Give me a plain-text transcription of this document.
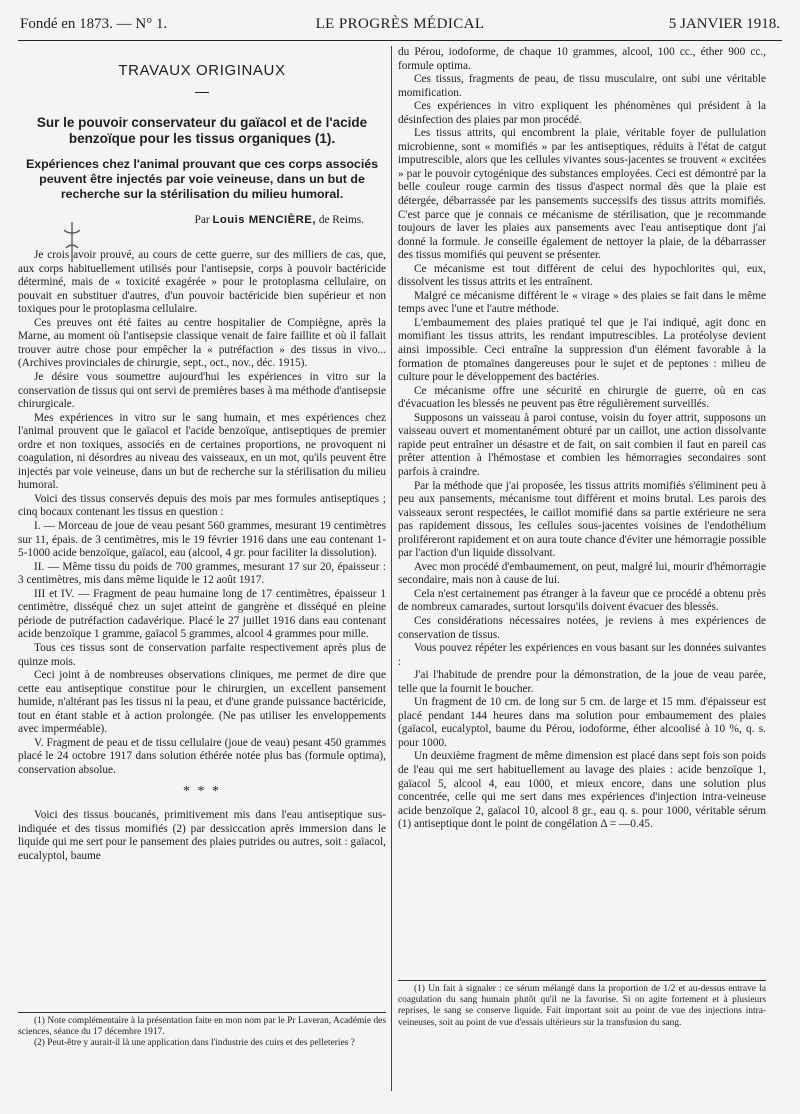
Fondé en 1873. — N° 1.	LE PROGRÈS MÉDICAL	5 JANVIER 1918.
TRAVAUX ORIGINAUX
Sur le pouvoir conservateur du gaïacol et de l'acide benzoïque pour les tissus organiques (1).
Expériences chez l'animal prouvant que ces corps associés peuvent être injectés par voie veineuse, dans un but de recherche sur la stérilisation du milieu humoral.
Par Louis MENCIÈRE, de Reims.

Je crois avoir prouvé, au cours de cette guerre, sur des milliers de cas, que, aux corps habituellement utilisés pour l'antisepsie, corps à pouvoir bactéricide déterminé, mais de « toxicité exagérée » pour le protoplasma cellulaire, on pouvait en substituer d'autres, d'un pouvoir bactéricide bien supérieur et non toxiques pour le protoplasma cellulaire.

Ces preuves ont été faites au centre hospitalier de Compiègne, après la Marne, au moment où l'antisepsie classique venait de faire faillite et où il fallait trouver autre chose pour empêcher la « putréfaction » des tissus in vivo... (Archives provinciales de chirurgie, sept., oct., nov., déc. 1915).

Je désire vous soumettre aujourd'hui les expériences in vitro sur la conservation de tissus qui ont servi de premières bases à ma méthode d'antisepsie chirurgicale.

Mes expériences in vitro sur le sang humain, et mes expériences chez l'animal prouvent que le gaïacol et l'acide benzoïque, antiseptiques de premier ordre et non toxiques, associés en de certaines proportions, ne provoquent ni coagulation, ni désordres au niveau des vaisseaux, en un mot, qu'ils peuvent être injectés par voie veineuse, dans un but de recherche sur la stérilisation du milieu humoral.

Voici des tissus conservés depuis des mois par mes formules antiseptiques ; cinq bocaux contenant les tissus en question :

I. — Morceau de joue de veau pesant 560 grammes, mesurant 19 centimètres sur 11, épais. de 3 centimètres, mis le 19 février 1916 dans une eau contenant 1-5-1000 acide benzoïque, gaïacol, eau (alcool, 4 gr. pour faciliter la dissolution).

II. — Même tissu du poids de 700 grammes, mesurant 17 sur 20, épaisseur : 3 centimètres, mis dans même liquide le 12 août 1917.

III et IV. — Fragment de peau humaine long de 17 centimètres, épaisseur 1 centimètre, disséqué chez un sujet atteint de gangrène et disséqué en pleine période de putréfaction cadavérique. Placé le 27 juillet 1916 dans eau contenant acide benzoïque 1 gramme, gaïacol 5 grammes, alcool 4 grammes pour mille.

Tous ces tissus sont de conservation parfaite respectivement après plus de quinze mois.

Ceci joint à de nombreuses observations cliniques, me permet de dire que cette eau antiseptique constitue pour le chirurgien, un excellent pansement humide, n'altérant pas les tissus ni la peau, et d'une grande puissance bactéricide, tout en étant stable et à action prolongée. (Ne pas utiliser les enveloppements avec imperméable).

V. Fragment de peau et de tissu cellulaire (joue de veau) pesant 450 grammes placé le 24 octobre 1917 dans solution éthérée notée plus bas (formule optima), conservation absolue.

* * *

Voici des tissus boucanés, primitivement mis dans l'eau antiseptique sus-indiquée et des tissus momifiés (2) par dessiccation après immersion dans le liquide qui me sert pour le pansement des plaies putrides ou autres, soit : gaïacol, eucalyptol, baume

(1) Note complémentaire à la présentation faite en mon nom par le Pr Laveran, Académie des sciences, séance du 17 décembre 1917.

(2) Peut-être y aurait-il là une application dans l'industrie des cuirs et des pelleteries ?

du Pérou, iodoforme, de chaque 10 grammes, alcool, 100 cc., éther 900 cc., formule optima.

Ces tissus, fragments de peau, de tissu musculaire, ont subi une véritable momification.

Ces expériences in vitro expliquent les phénomènes qui président à la désinfection des plaies par mon procédé.

Les tissus attrits, qui encombrent la plaie, véritable foyer de pullulation microbienne, sont « momifiés » par les antiseptiques, réduits à l'état de catgut imputrescible, alors que les cellules vivantes sous-jacentes se trouvent « excitées » par le pouvoir cytogénique des substances employées. Ceci est démontré par la belle couleur rouge carmin des tissus d'aspect normal dès que la plaie est détergée, débarrassée par les pansements successifs des tissus attrits momifiés. C'est parce que je connais ce mécanisme de stérilisation, que je recommande toujours de laver les plaies aux pansements avec l'eau antiseptique dont j'ai donné la formule. Je conseille également de nettoyer la plaie, de la débarrasser des tissus momifiés qui peuvent se présenter.

Ce mécanisme est tout différent de celui des hypochlorites qui, eux, dissolvent les tissus attrits et les entraînent.

Malgré ce mécanisme différent le « virage » des plaies se fait dans le même temps avec l'une et l'autre méthode.

L'embaumement des plaies pratiqué tel que je l'ai indiqué, agit donc en momifiant les tissus attrits, les rendant imputrescibles. La protéolyse devient ainsi impossible. Ceci entraîne la suppression d'un élément favorable à la formation de ptomaïnes dangereuses pour le sujet et de peptones : milieu de culture pour le développement des bactéries.

Ce mécanisme offre une sécurité en chirurgie de guerre, où en cas d'évacuation les blessés ne peuvent pas être régulièrement surveillés.

Supposons un vaisseau à paroi contuse, voisin du foyer attrit, supposons un vaisseau ouvert et momentanément obturé par un caillot, une action dissolvante rapide peut entraîner un désastre et de fait, on sait combien il faut en pareil cas prêter attention à l'hémostase et combien les hémorragies secondaires sont parfois à craindre.

Par la méthode que j'ai proposée, les tissus attrits momifiés s'éliminent peu à peu aux pansements, mécanisme tout différent et moins brutal. Les parois des vaisseaux seront respectées, le caillot momifié dans sa partie extérieure ne sera pas rapidement dissous, les cellules sous-jacentes voisines de l'endothélium proliféreront rapidement et on aura toute chance d'éviter une hémorragie possible par l'action d'un liquide dissolvant.

Avec mon procédé d'embaumement, on peut, malgré lui, mourir d'hémorragie secondaire, mais non à cause de lui.

Cela n'est certainement pas étranger à la faveur que ce procédé a obtenu près de nombreux camarades, surtout lorsqu'ils doivent évacuer des blessés.

Ces considérations nécessaires notées, je reviens à mes expériences de conservation de tissus.

Vous pouvez répéter les expériences en vous basant sur les données suivantes :

J'ai l'habitude de prendre pour la démonstration, de la joue de veau parée, telle que la fournit le boucher.

Un fragment de 10 cm. de long sur 5 cm. de large et 15 mm. d'épaisseur est placé pendant 144 heures dans ma solution pour embaumement des plaies (gaïacol, eucalyptol, baume du Pérou, iodoforme, éther alcoolisé à 10 %, q. s. pour 1000.

Un deuxième fragment de même dimension est placé dans sept fois son poids de l'eau qui me sert habituellement au lavage des plaies : acide benzoïque 1, gaïacol 5, alcool 4, eau 1000, et mieux encore, dans une solution plus concentrée, celle qui me sert dans mes expériences d'injection intra-veineuse acide benzoïque 2, gaïacol 10, alcool 8 gr., eau q. s. pour 1000, véritable sérum (1) antiseptique dont le point de congélation Δ = —0.45.

(1) Un fait à signaler : ce sérum mélangé dans la proportion de 1/2 et au-dessus entrave la coagulation du sang humain plutôt qu'il ne la favorise. Si on agite fortement et à plusieurs reprises, le sang se conserve liquide. Fait important soit au point de vue des injections intra-veineuses, soit au point de vue d'essais ultérieurs sur la transfusion du sang.
